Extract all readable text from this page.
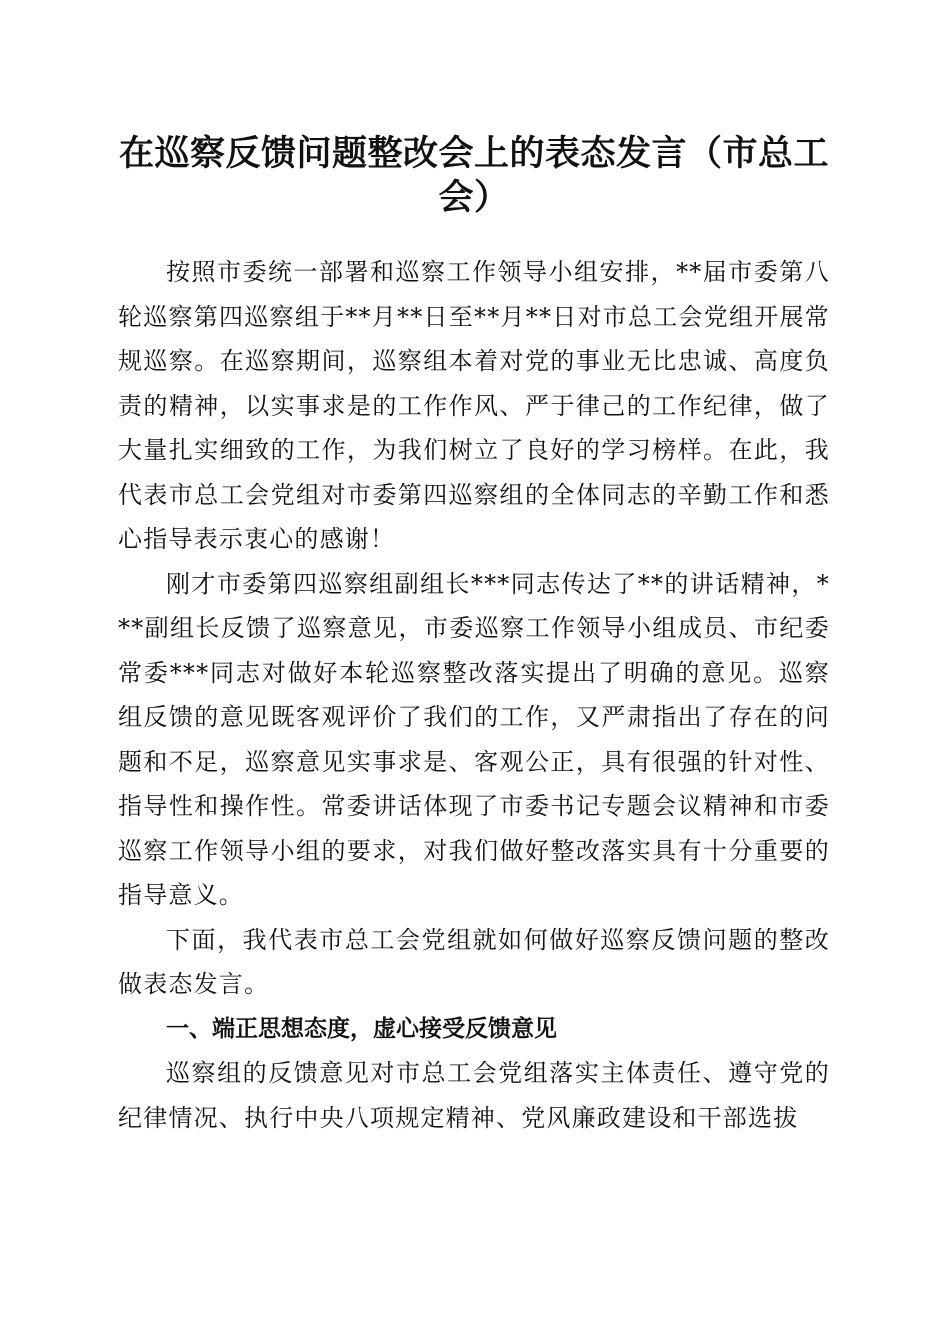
在巡察反馈问题整改会上的表态发言（市总工会）

按照市委统一部署和巡察工作领导小组安排，**届市委第八轮巡察第四巡察组于**月**日至**月**日对市总工会党组开展常规巡察。在巡察期间，巡察组本着对党的事业无比忠诚、高度负责的精神，以实事求是的工作作风、严于律己的工作纪律，做了大量扎实细致的工作，为我们树立了良好的学习榜样。在此，我代表市总工会党组对市委第四巡察组的全体同志的辛勤工作和悉心指导表示衷心的感谢！

刚才市委第四巡察组副组长***同志传达了**的讲话精神，***副组长反馈了巡察意见，市委巡察工作领导小组成员、市纪委常委***同志对做好本轮巡察整改落实提出了明确的意见。巡察组反馈的意见既客观评价了我们的工作，又严肃指出了存在的问题和不足，巡察意见实事求是、客观公正，具有很强的针对性、指导性和操作性。常委讲话体现了市委书记专题会议精神和市委巡察工作领导小组的要求，对我们做好整改落实具有十分重要的指导意义。

下面，我代表市总工会党组就如何做好巡察反馈问题的整改做表态发言。

一、端正思想态度，虚心接受反馈意见

巡察组的反馈意见对市总工会党组落实主体责任、遵守党的纪律情况、执行中央八项规定精神、党风廉政建设和干部选拔
